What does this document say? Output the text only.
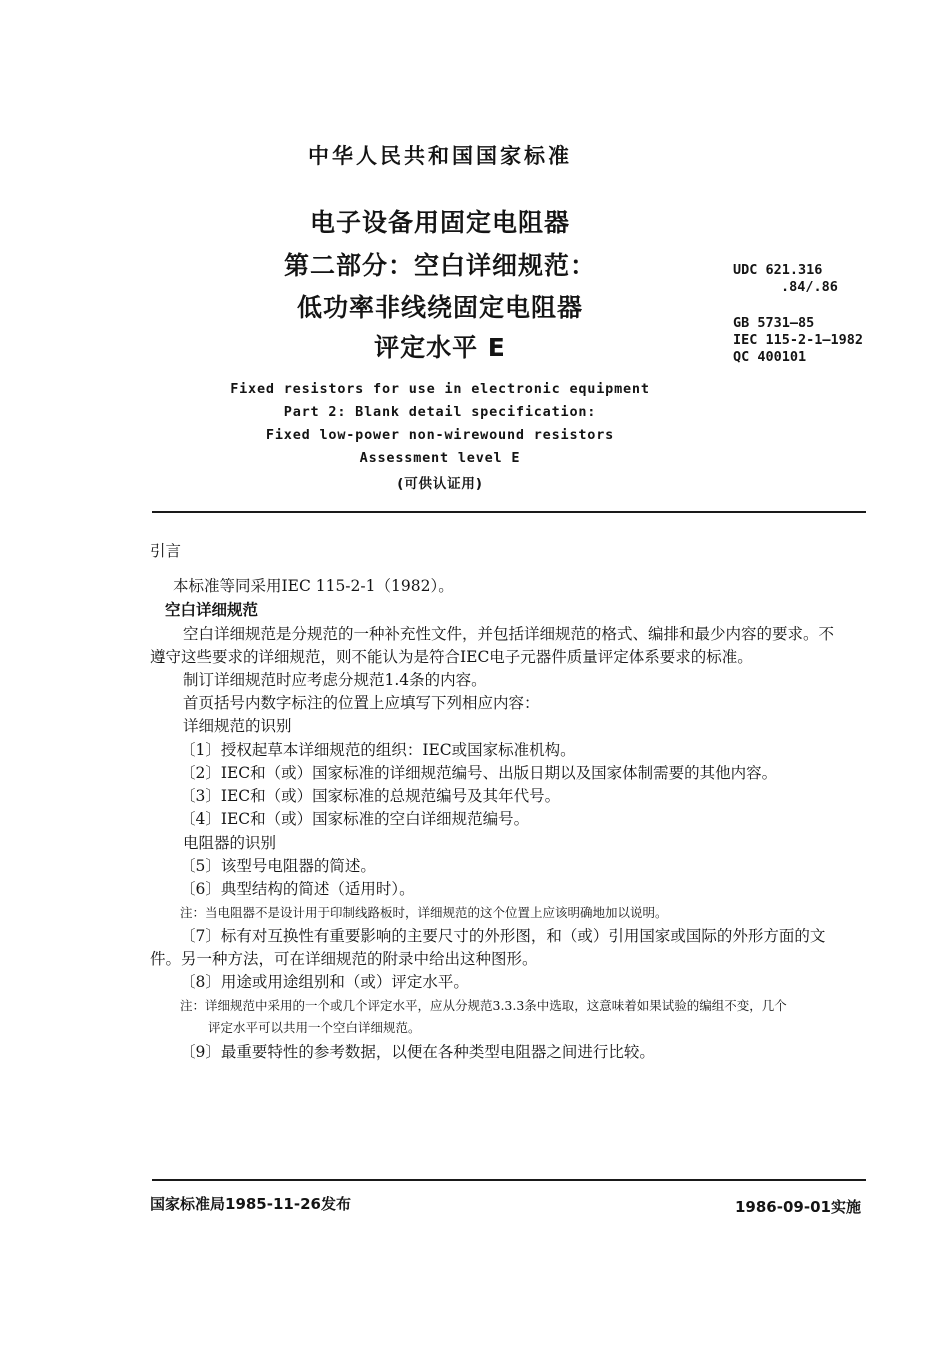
中华人民共和国国家标准
电子设备用固定电阻器
第二部分：空白详细规范：
低功率非线绕固定电阻器
评定水平 E
UDC 621.316
.84/.86
GB 5731—85
IEC 115-2-1—1982
QC 400101
Fixed resistors for use in electronic equipment
Part 2: Blank detail specification:
Fixed low-power non-wirewound resistors
Assessment level E
(可供认证用)
引言
本标准等同采用IEC 115-2-1（1982）。
空白详细规范
空白详细规范是分规范的一种补充性文件，并包括详细规范的格式、编排和最少内容的要求。不
遵守这些要求的详细规范，则不能认为是符合IEC电子元器件质量评定体系要求的标准。
制订详细规范时应考虑分规范1.4条的内容。
首页括号内数字标注的位置上应填写下列相应内容：
详细规范的识别
〔1〕授权起草本详细规范的组织：IEC或国家标准机构。
〔2〕IEC和（或）国家标准的详细规范编号、出版日期以及国家体制需要的其他内容。
〔3〕IEC和（或）国家标准的总规范编号及其年代号。
〔4〕IEC和（或）国家标准的空白详细规范编号。
电阻器的识别
〔5〕该型号电阻器的简述。
〔6〕典型结构的简述（适用时）。
注：当电阻器不是设计用于印制线路板时，详细规范的这个位置上应该明确地加以说明。
〔7〕标有对互换性有重要影响的主要尺寸的外形图，和（或）引用国家或国际的外形方面的文
件。另一种方法，可在详细规范的附录中给出这种图形。
〔8〕用途或用途组别和（或）评定水平。
注：详细规范中采用的一个或几个评定水平，应从分规范3.3.3条中选取，这意味着如果试验的编组不变，几个
评定水平可以共用一个空白详细规范。
〔9〕最重要特性的参考数据，以便在各种类型电阻器之间进行比较。
国家标准局1985-11-26发布	1986-09-01实施
